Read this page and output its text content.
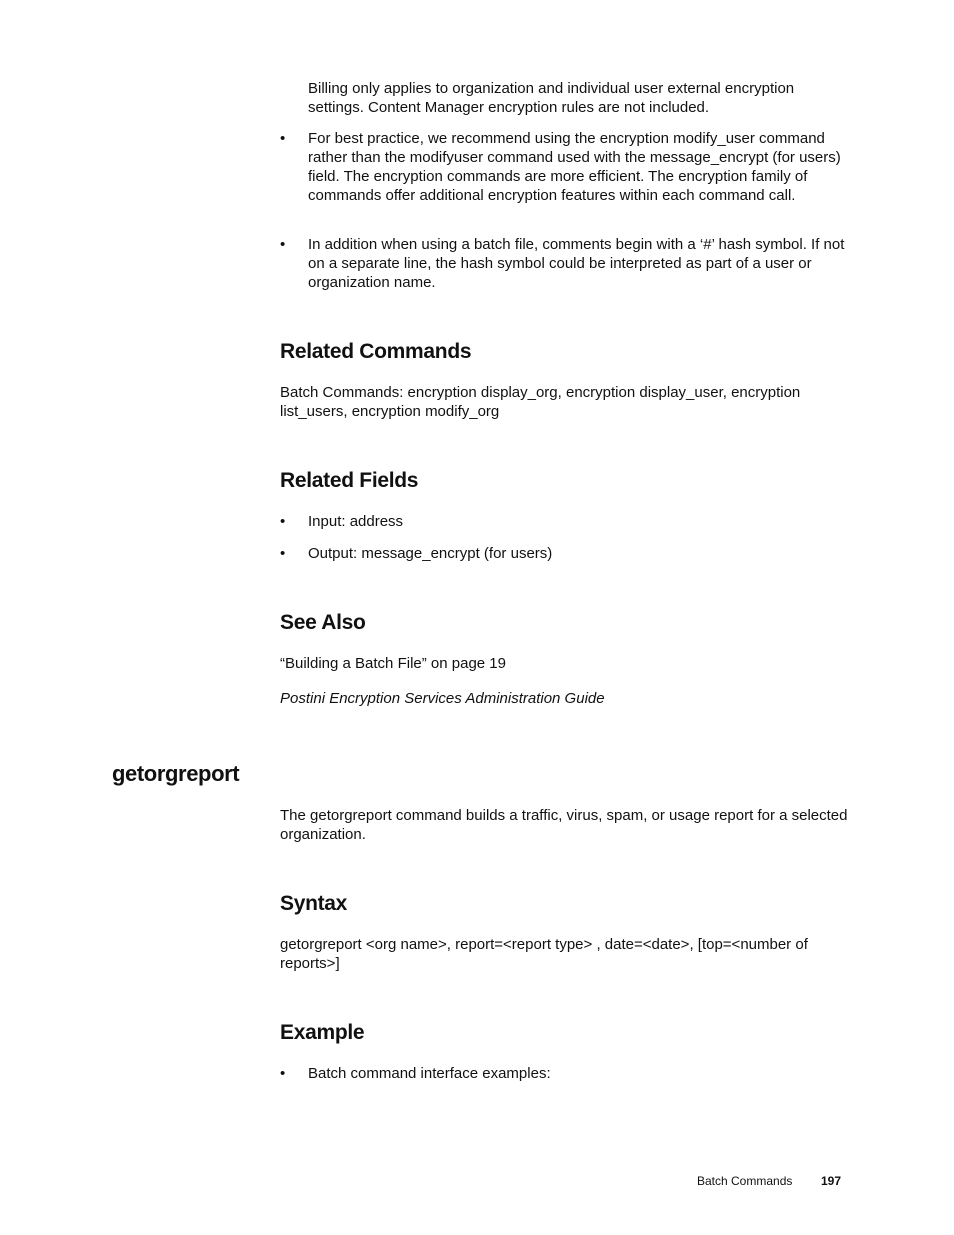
Billing only applies to organization and individual user external encryption settings. Content Manager encryption rules are not included.

• For best practice, we recommend using the encryption modify_user command rather than the modifyuser command used with the message_encrypt (for users) field. The encryption commands are more efficient. The encryption family of commands offer additional encryption features within each command call.

• In addition when using a batch file, comments begin with a ‘#’ hash symbol. If not on a separate line, the hash symbol could be interpreted as part of a user or organization name.

Related Commands

Batch Commands: encryption display_org, encryption display_user, encryption list_users, encryption modify_org

Related Fields
• Input: address

• Output: message_encrypt (for users)

See Also

“Building a Batch File” on page 19

Postini Encryption Services Administration Guide

getorgreport

The getorgreport command builds a traffic, virus, spam, or usage report for a selected organization.

Syntax

getorgreport <org name>, report=<report type> , date=<date>, [top=<number of reports>]

Example
• Batch command interface examples:

Batch Commands 197
